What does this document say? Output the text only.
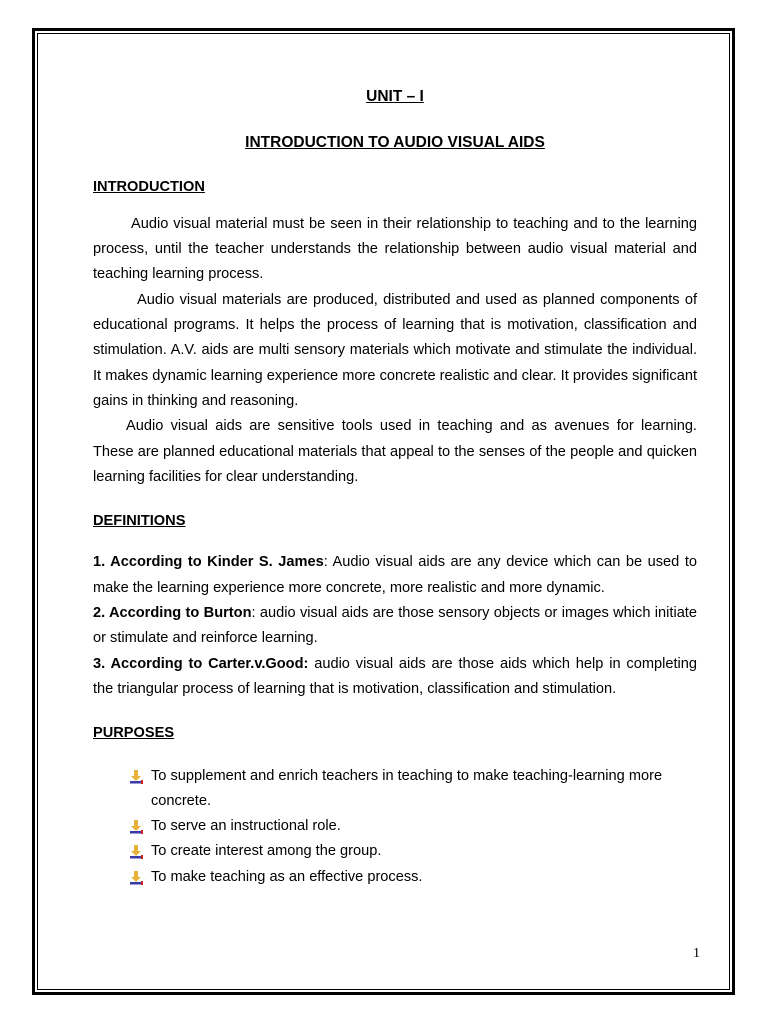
UNIT – I

INTRODUCTION TO AUDIO VISUAL AIDS

INTRODUCTION

Audio visual material must be seen in their relationship to teaching and to the learning process, until the teacher understands the relationship between audio visual material and teaching learning process.

Audio visual materials are produced, distributed and used as planned components of educational programs. It helps the process of learning that is motivation, classification and stimulation. A.V. aids are multi sensory materials which motivate and stimulate the individual. It makes dynamic learning experience more concrete realistic and clear. It provides significant gains in thinking and reasoning.

Audio visual aids are sensitive tools used in teaching and as avenues for learning. These are planned educational materials that appeal to the senses of the people and quicken learning facilities for clear understanding.

DEFINITIONS

1. According to Kinder S. James: Audio visual aids are any device which can be used to make the learning experience more concrete, more realistic and more dynamic.

2. According to Burton: audio visual aids are those sensory objects or images which initiate or stimulate and reinforce learning.

3. According to Carter.v.Good: audio visual aids are those aids which help in completing the triangular process of learning that is motivation, classification and stimulation.

PURPOSES

To supplement and enrich teachers in teaching to make teaching-learning more concrete.
To serve an instructional role.
To create interest among the group.
To make teaching as an effective process.
1
